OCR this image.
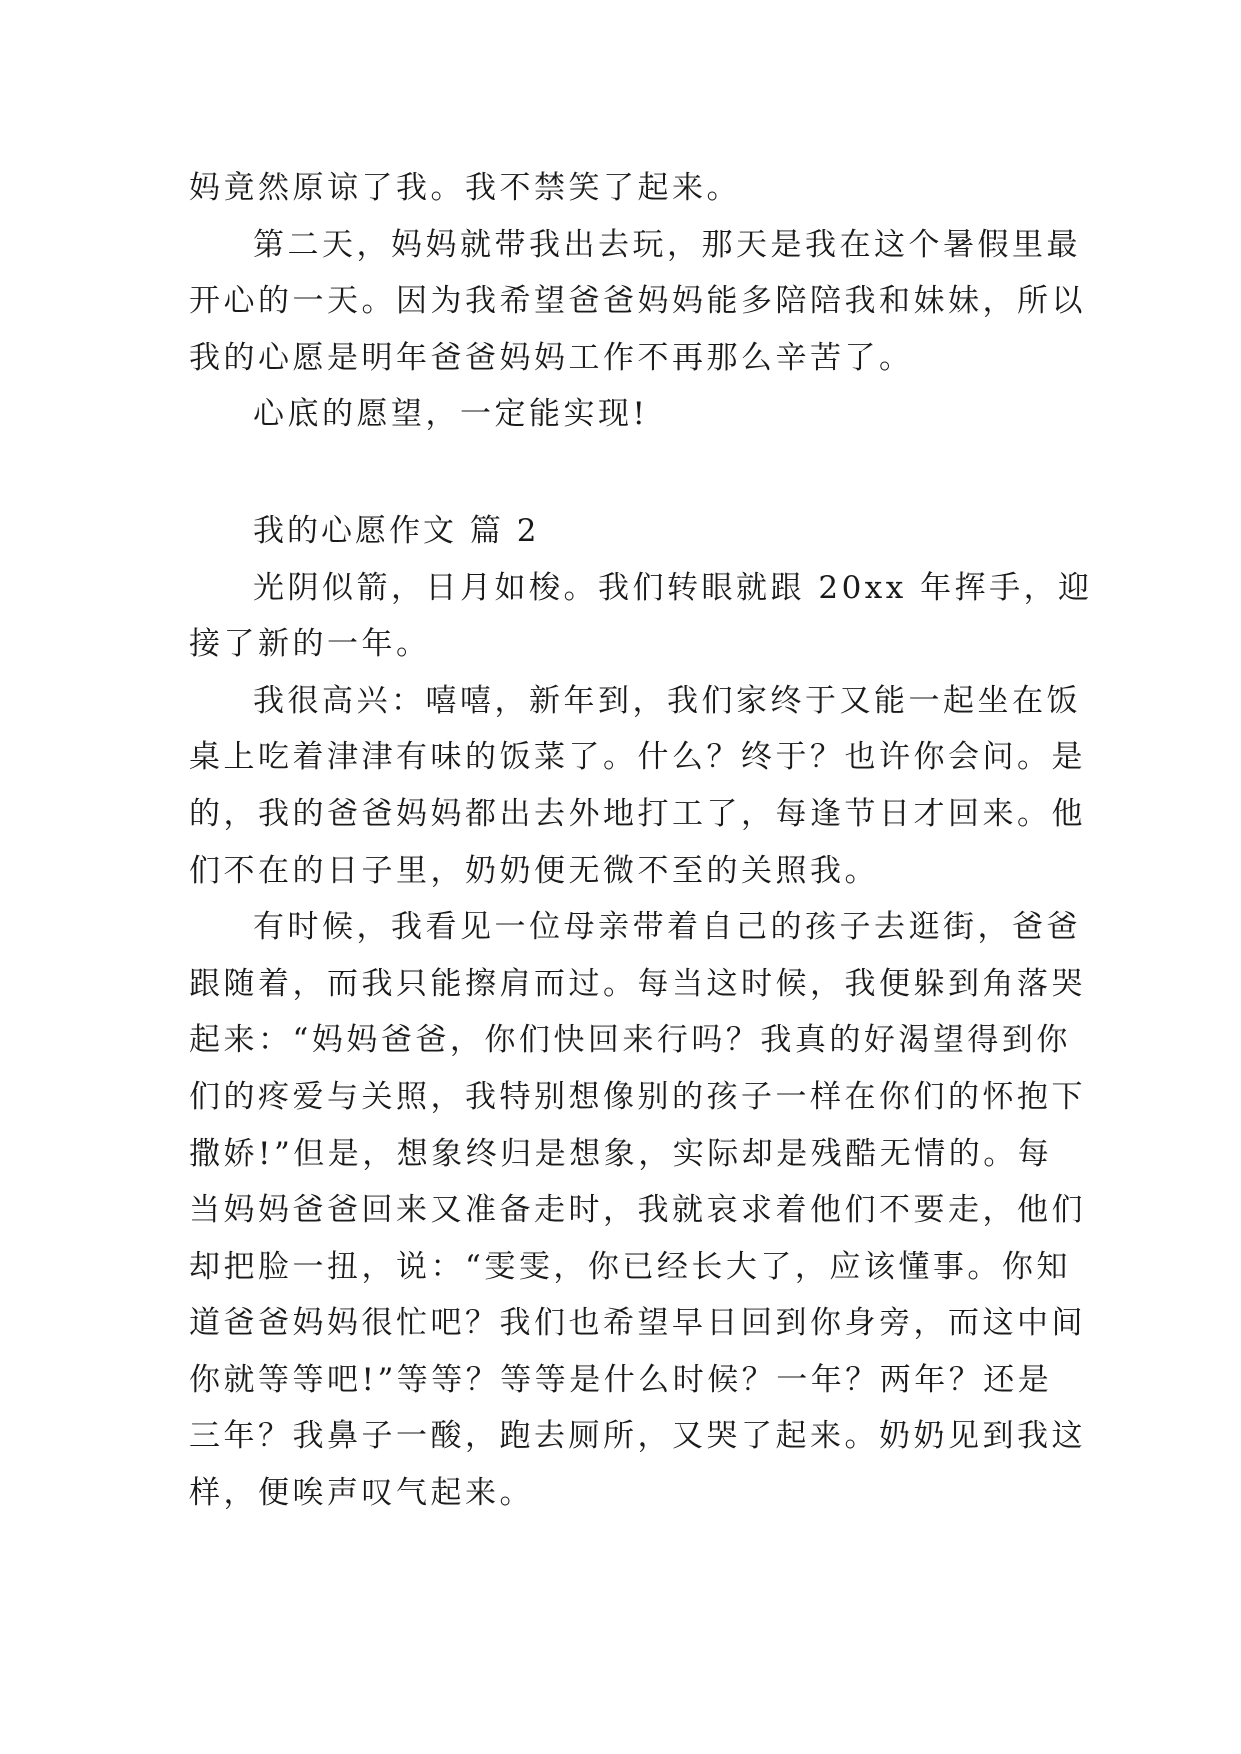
妈竟然原谅了我。我不禁笑了起来。
第二天，妈妈就带我出去玩，那天是我在这个暑假里最
开心的一天。因为我希望爸爸妈妈能多陪陪我和妹妹，所以
我的心愿是明年爸爸妈妈工作不再那么辛苦了。
心底的愿望，一定能实现!
我的心愿作文 篇 2
光阴似箭，日月如梭。我们转眼就跟 20xx 年挥手，迎
接了新的一年。
我很高兴：嘻嘻，新年到，我们家终于又能一起坐在饭
桌上吃着津津有味的饭菜了。什么？终于？也许你会问。是
的，我的爸爸妈妈都出去外地打工了，每逢节日才回来。他
们不在的日子里，奶奶便无微不至的关照我。
有时候，我看见一位母亲带着自己的孩子去逛街，爸爸
跟随着，而我只能擦肩而过。每当这时候，我便躲到角落哭
起来：“妈妈爸爸，你们快回来行吗？我真的好渴望得到你
们的疼爱与关照，我特别想像别的孩子一样在你们的怀抱下
撒娇!”但是，想象终归是想象，实际却是残酷无情的。每
当妈妈爸爸回来又准备走时，我就哀求着他们不要走，他们
却把脸一扭，说：“雯雯，你已经长大了，应该懂事。你知
道爸爸妈妈很忙吧？我们也希望早日回到你身旁，而这中间
你就等等吧!”等等？等等是什么时候？一年？两年？还是
三年？我鼻子一酸，跑去厕所，又哭了起来。奶奶见到我这
样，便唉声叹气起来。
